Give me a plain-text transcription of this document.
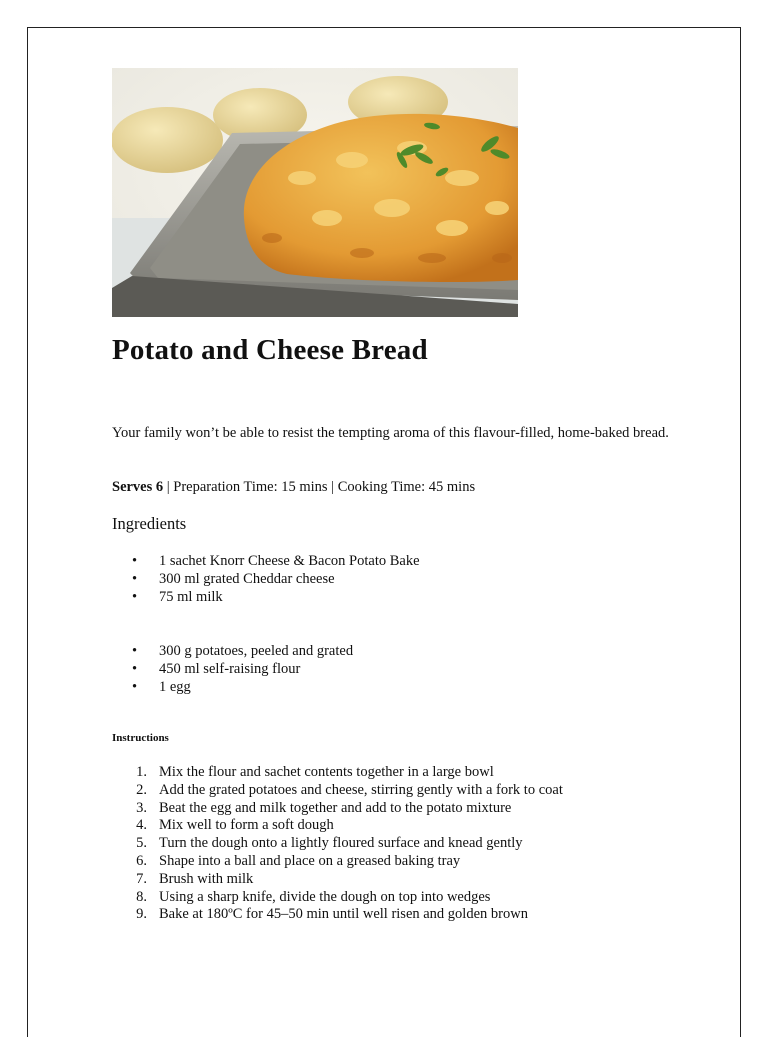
Potato and Cheese Bread

Your family won’t be able to resist the tempting aroma of this flavour-filled, home-baked bread.

Serves 6 | Preparation Time: 15 mins | Cooking Time: 45 mins

Ingredients
• 1 sachet Knorr Cheese & Bacon Potato Bake
• 300 ml grated Cheddar cheese
• 75 ml milk
• 300 g potatoes, peeled and grated
• 450 ml self-raising flour
• 1 egg
Instructions
1. Mix the flour and sachet contents together in a large bowl
2. Add the grated potatoes and cheese, stirring gently with a fork to coat
3. Beat the egg and milk together and add to the potato mixture
4. Mix well to form a soft dough
5. Turn the dough onto a lightly floured surface and knead gently
6. Shape into a ball and place on a greased baking tray
7. Brush with milk
8. Using a sharp knife, divide the dough on top into wedges
9. Bake at 180ºC for 45–50 min until well risen and golden brown
